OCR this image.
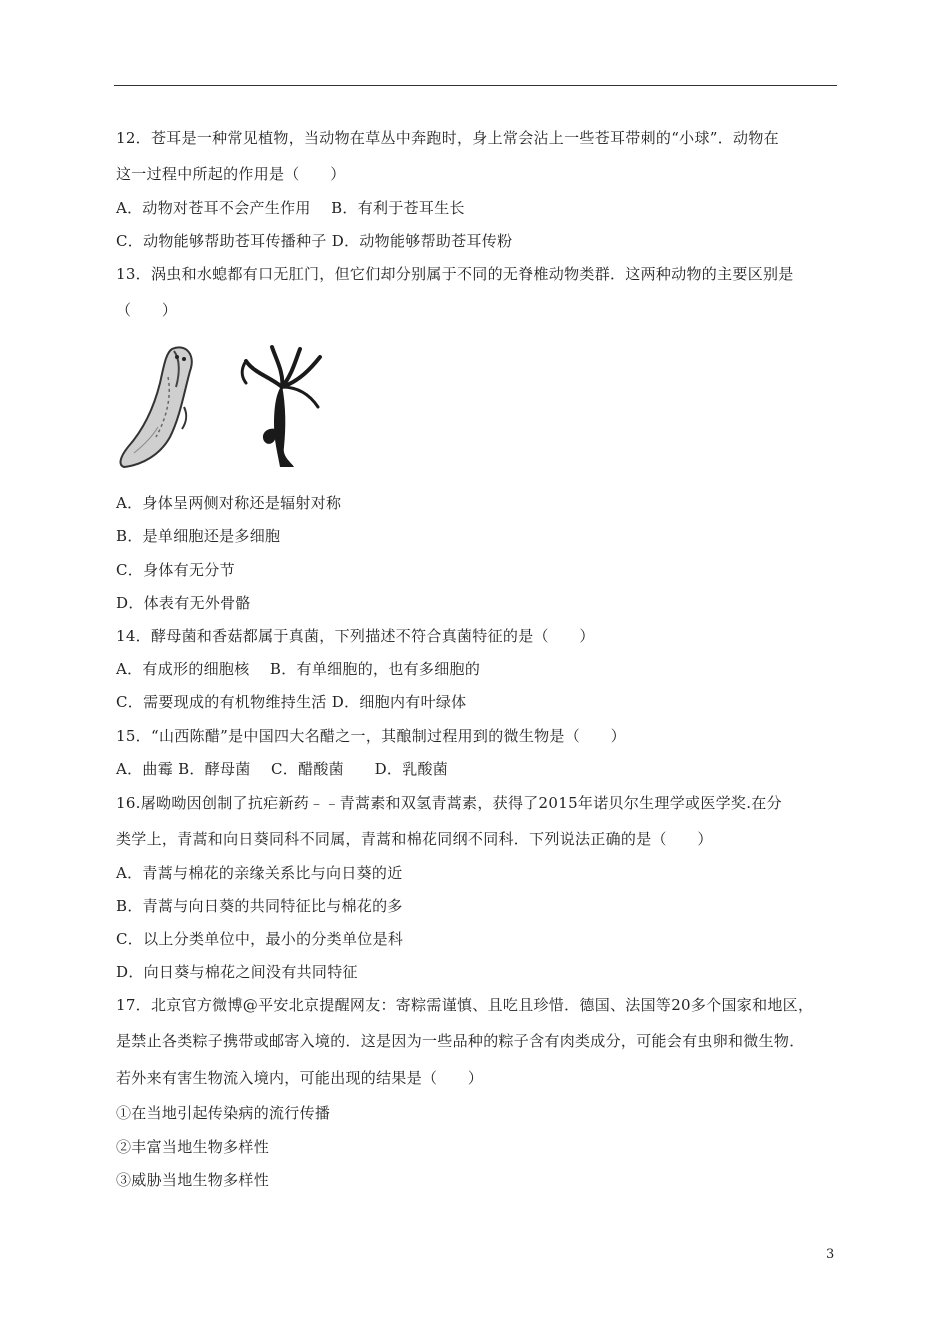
12．苍耳是一种常见植物，当动物在草丛中奔跑时，身上常会沾上一些苍耳带刺的“小球”．动物在
这一过程中所起的作用是（　　）
A．动物对苍耳不会产生作用　 B．有利于苍耳生长
C．动物能够帮助苍耳传播种子 D．动物能够帮助苍耳传粉
13．涡虫和水螅都有口无肛门，但它们却分别属于不同的无脊椎动物类群．这两种动物的主要区别是
（　　）
A．身体呈两侧对称还是辐射对称
B．是单细胞还是多细胞
C．身体有无分节
D．体表有无外骨骼
14．酵母菌和香菇都属于真菌，下列描述不符合真菌特征的是（　　）
A．有成形的细胞核　 B．有单细胞的，也有多细胞的
C．需要现成的有机物维持生活 D．细胞内有叶绿体
15．“山西陈醋”是中国四大名醋之一，其酿制过程用到的微生物是（　　）
A．曲霉 B．酵母菌　 C．醋酸菌　　D．乳酸菌
16.屠呦呦因创制了抗疟新药﹣﹣青蒿素和双氢青蒿素，获得了2015年诺贝尔生理学或医学奖.在分
类学上，青蒿和向日葵同科不同属，青蒿和棉花同纲不同科．下列说法正确的是（　　）
A．青蒿与棉花的亲缘关系比与向日葵的近
B．青蒿与向日葵的共同特征比与棉花的多
C．以上分类单位中，最小的分类单位是科
D．向日葵与棉花之间没有共同特征
17．北京官方微博@平安北京提醒网友：寄粽需谨慎、且吃且珍惜．德国、法国等20多个国家和地区，
是禁止各类粽子携带或邮寄入境的．这是因为一些品种的粽子含有肉类成分，可能会有虫卵和微生物．
若外来有害生物流入境内，可能出现的结果是（　　）
①在当地引起传染病的流行传播
②丰富当地生物多样性
③威胁当地生物多样性
3
